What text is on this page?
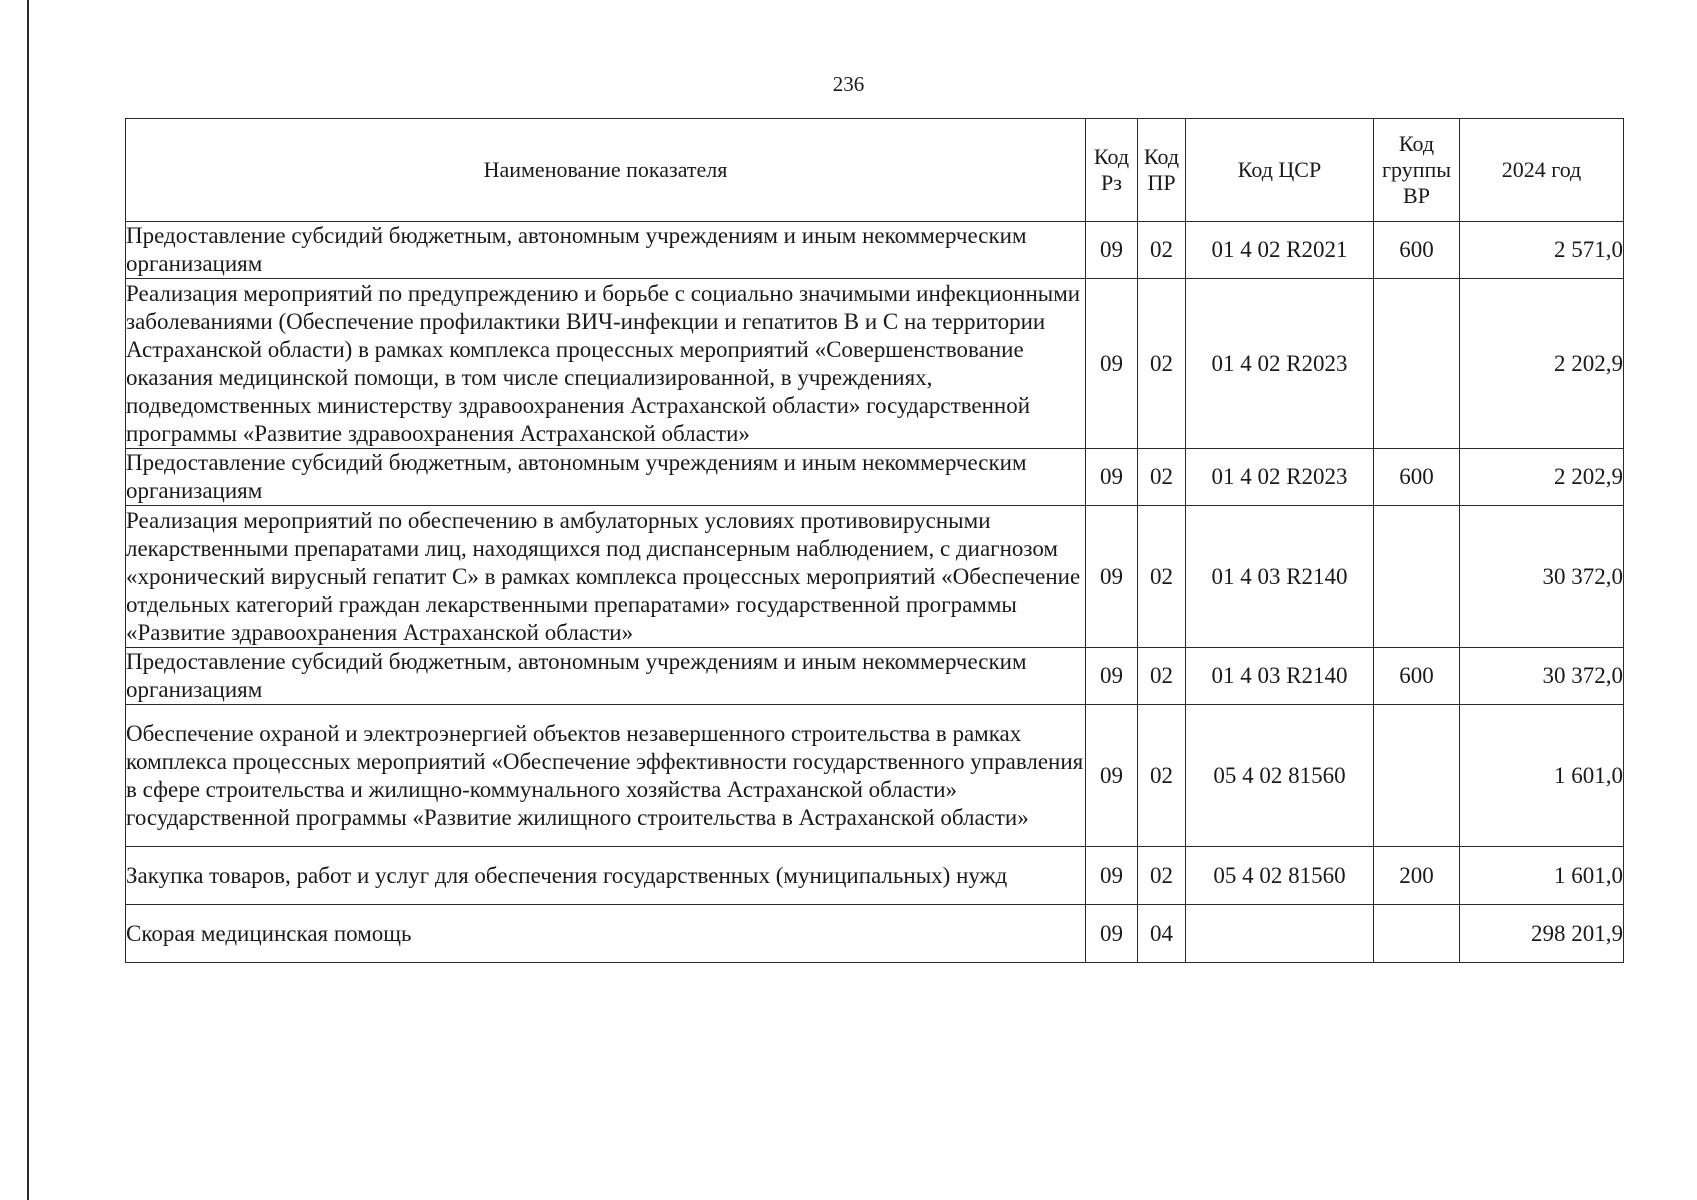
236
Наименование показателя	Код Рз	Код ПР	Код ЦСР	Код группы ВР	2024 год
Предоставление субсидий бюджетным, автономным учреждениям и иным некоммерческим организациям	09	02	01 4 02 R2021	600	2 571,0
Реализация мероприятий по предупреждению и борьбе с социально значимыми инфекционными заболеваниями (Обеспечение профилактики ВИЧ-инфекции и гепатитов В и С на территории Астраханской области) в рамках комплекса процессных мероприятий «Совершенствование оказания медицинской помощи, в том числе специализированной, в учреждениях, подведомственных министерству здравоохранения Астраханской области» государственной программы «Развитие здравоохранения Астраханской области»	09	02	01 4 02 R2023		2 202,9
Предоставление субсидий бюджетным, автономным учреждениям и иным некоммерческим организациям	09	02	01 4 02 R2023	600	2 202,9
Реализация мероприятий по обеспечению в амбулаторных условиях противовирусными лекарственными препаратами лиц, находящихся под диспансерным наблюдением, с диагнозом «хронический вирусный гепатит С» в рамках комплекса процессных мероприятий «Обеспечение отдельных категорий граждан лекарственными препаратами» государственной программы «Развитие здравоохранения Астраханской области»	09	02	01 4 03 R2140		30 372,0
Предоставление субсидий бюджетным, автономным учреждениям и иным некоммерческим организациям	09	02	01 4 03 R2140	600	30 372,0
Обеспечение охраной и электроэнергией объектов незавершенного строительства в рамках комплекса процессных мероприятий «Обеспечение эффективности государственного управления в сфере строительства и жилищно-коммунального хозяйства Астраханской области» государственной программы «Развитие жилищного строительства в Астраханской области»	09	02	05 4 02 81560		1 601,0
Закупка товаров, работ и услуг для обеспечения государственных (муниципальных) нужд	09	02	05 4 02 81560	200	1 601,0
Скорая медицинская помощь	09	04			298 201,9
